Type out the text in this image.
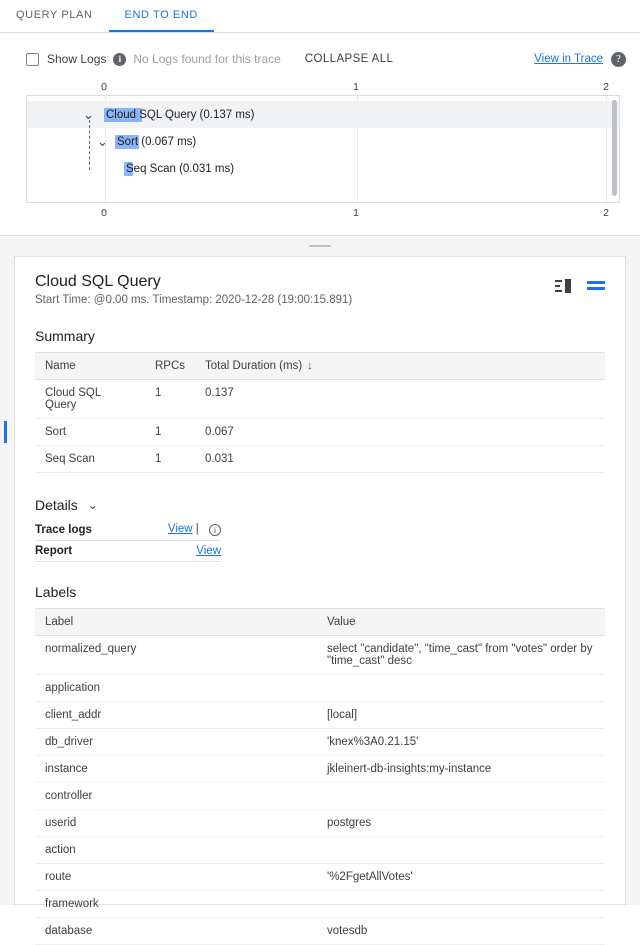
QUERY PLAN	END TO END
Show Logs	i	No Logs found for this trace COLLAPSE ALL	View in Trace	?
0	1	2
⌄ Cloud SQL Query (0.137 ms)
⌄ Sort (0.067 ms)
Seq Scan (0.031 ms)
0	1	2
Cloud SQL Query
Start Time: @0.00 ms. Timestamp: 2020-12-28 (19:00:15.891)
Summary
Name	RPCs	Total Duration (ms) ↓
Cloud SQL Query	1	0.137
Sort	1	0.067
Seq Scan	1	0.031
Details ⌄
Trace logs	View | i
Report	View
Labels
Label	Value
normalized_query	select "candidate", "time_cast" from "votes" order by "time_cast" desc
application	
client_addr	[local]
db_driver	'knex%3A0.21.15'
instance	jkleinert-db-insights:my-instance
controller	
userid	postgres
action	
route	'%2FgetAllVotes'
framework	
database	votesdb
